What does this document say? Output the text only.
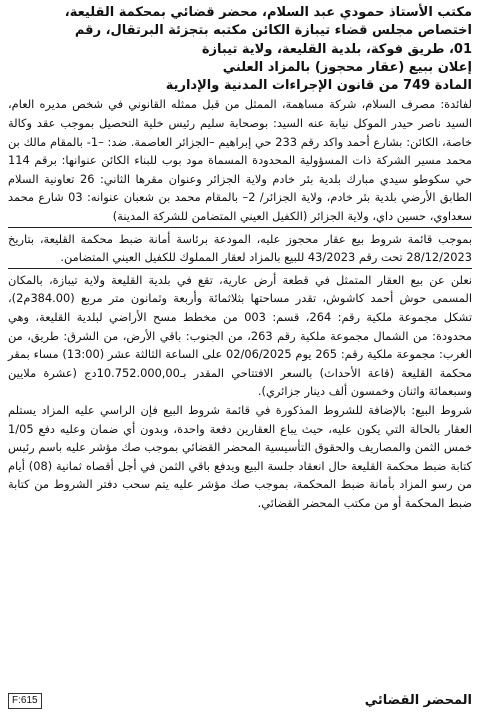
مكتب الأستاذ حمودي عبد السلام، محضر قضائي بمحكمة القليعة،
اختصاص مجلس قضاء تيبازة الكائن مكتبه بتجزئة البرتقال، رقم
01، طريق فوكة، بلدية القليعة، ولاية تيبازة
إعلان ببيع (عقار محجوز) بالمزاد العلني
المادة 749 من قانون الإجراءات المدنية والإدارية

لفائدة: مصرف السلام، شركة مساهمة، الممثل من قبل ممثله القانوني في شخص مديره العام، السيد ناصر حيدر الموكل نيابة عنه السيد: بوصحابة سليم رئيس خلية التحصيل بموجب عقد وكالة خاصة، الكائن: بشارع أحمد واكد رقم 233 حي إبراهيم –الجزائر العاصمة. ضد: –1- بالمقام مالك بن محمد مسير الشركة ذات المسؤولية المحدودة المسماة مود بوب للبناء الكائن عنوانها: برقم 114 حي سكوطو سيدي مبارك بلدية بئر خادم ولاية الجزائر وعنوان مقرها الثاني: 26 تعاونية السلام الطابق الأرضي بلدية بئر خادم، ولاية الجزائر/ 2– بالمقام محمد بن شعبان عنوانه: 03 شارع محمد سعداوي، حسين داي، ولاية الجزائر (الكفيل العيني المتضامن للشركة المدينة)

بموجب قائمة شروط بيع عقار محجوز عليه، المودعة برئاسة أمانة ضبط محكمة القليعة، بتاريخ 28/12/2023 تحت رقم 43/2023 للبيع بالمزاد لعقار المملوك للكفيل العيني المتضامن.

نعلن عن بيع العقار المتمثل في قطعة أرض عارية، تقع في بلدية القليعة ولاية تيبازة، بالمكان المسمى حوش أحمد كاشوش، تقدر مساحتها بثلاثمائة وأربعة وثمانون متر مربع (384.00م2)، تشكل مجموعة ملكية رقم: 264، قسم: 003 من مخطط مسح الأراضي لبلدية القليعة، وهي محدودة: من الشمال مجموعة ملكية رقم 263، من الجنوب: باقي الأرض، من الشرق: طريق، من الغرب: مجموعة ملكية رقم: 265 يوم 02/06/2025 على الساعة الثالثة عشر (13:00) مساء بمقر محكمة القليعة (قاعة الأحداث) بالسعر الافتتاحي المقدر بـ10.752.000,00دج (عشرة ملايين وسبعمائة واثنان وخمسون ألف دينار جزائري).

شروط البيع: بالإضافة للشروط المذكورة في قائمة شروط البيع فإن الراسي عليه المزاد يستلم العقار بالحالة التي يكون عليه، حيث يباع العقارين دفعة واحدة، وبدون أي ضمان وعليه دفع 1/05 خمس الثمن والمصاريف والحقوق التأسيسية المحضر القضائي بموجب صك مؤشر عليه باسم رئيس كتابة ضبط محكمة القليعة حال انعقاد جلسة البيع ويدفع باقي الثمن في أجل أقصاه ثمانية (08) أيام من رسو المزاد بأمانة ضبط المحكمة، بموجب صك مؤشر عليه يتم سحب دفتر الشروط من كتابة ضبط المحكمة أو من مكتب المحضر القضائي.

المحضر القضائي
F:615
